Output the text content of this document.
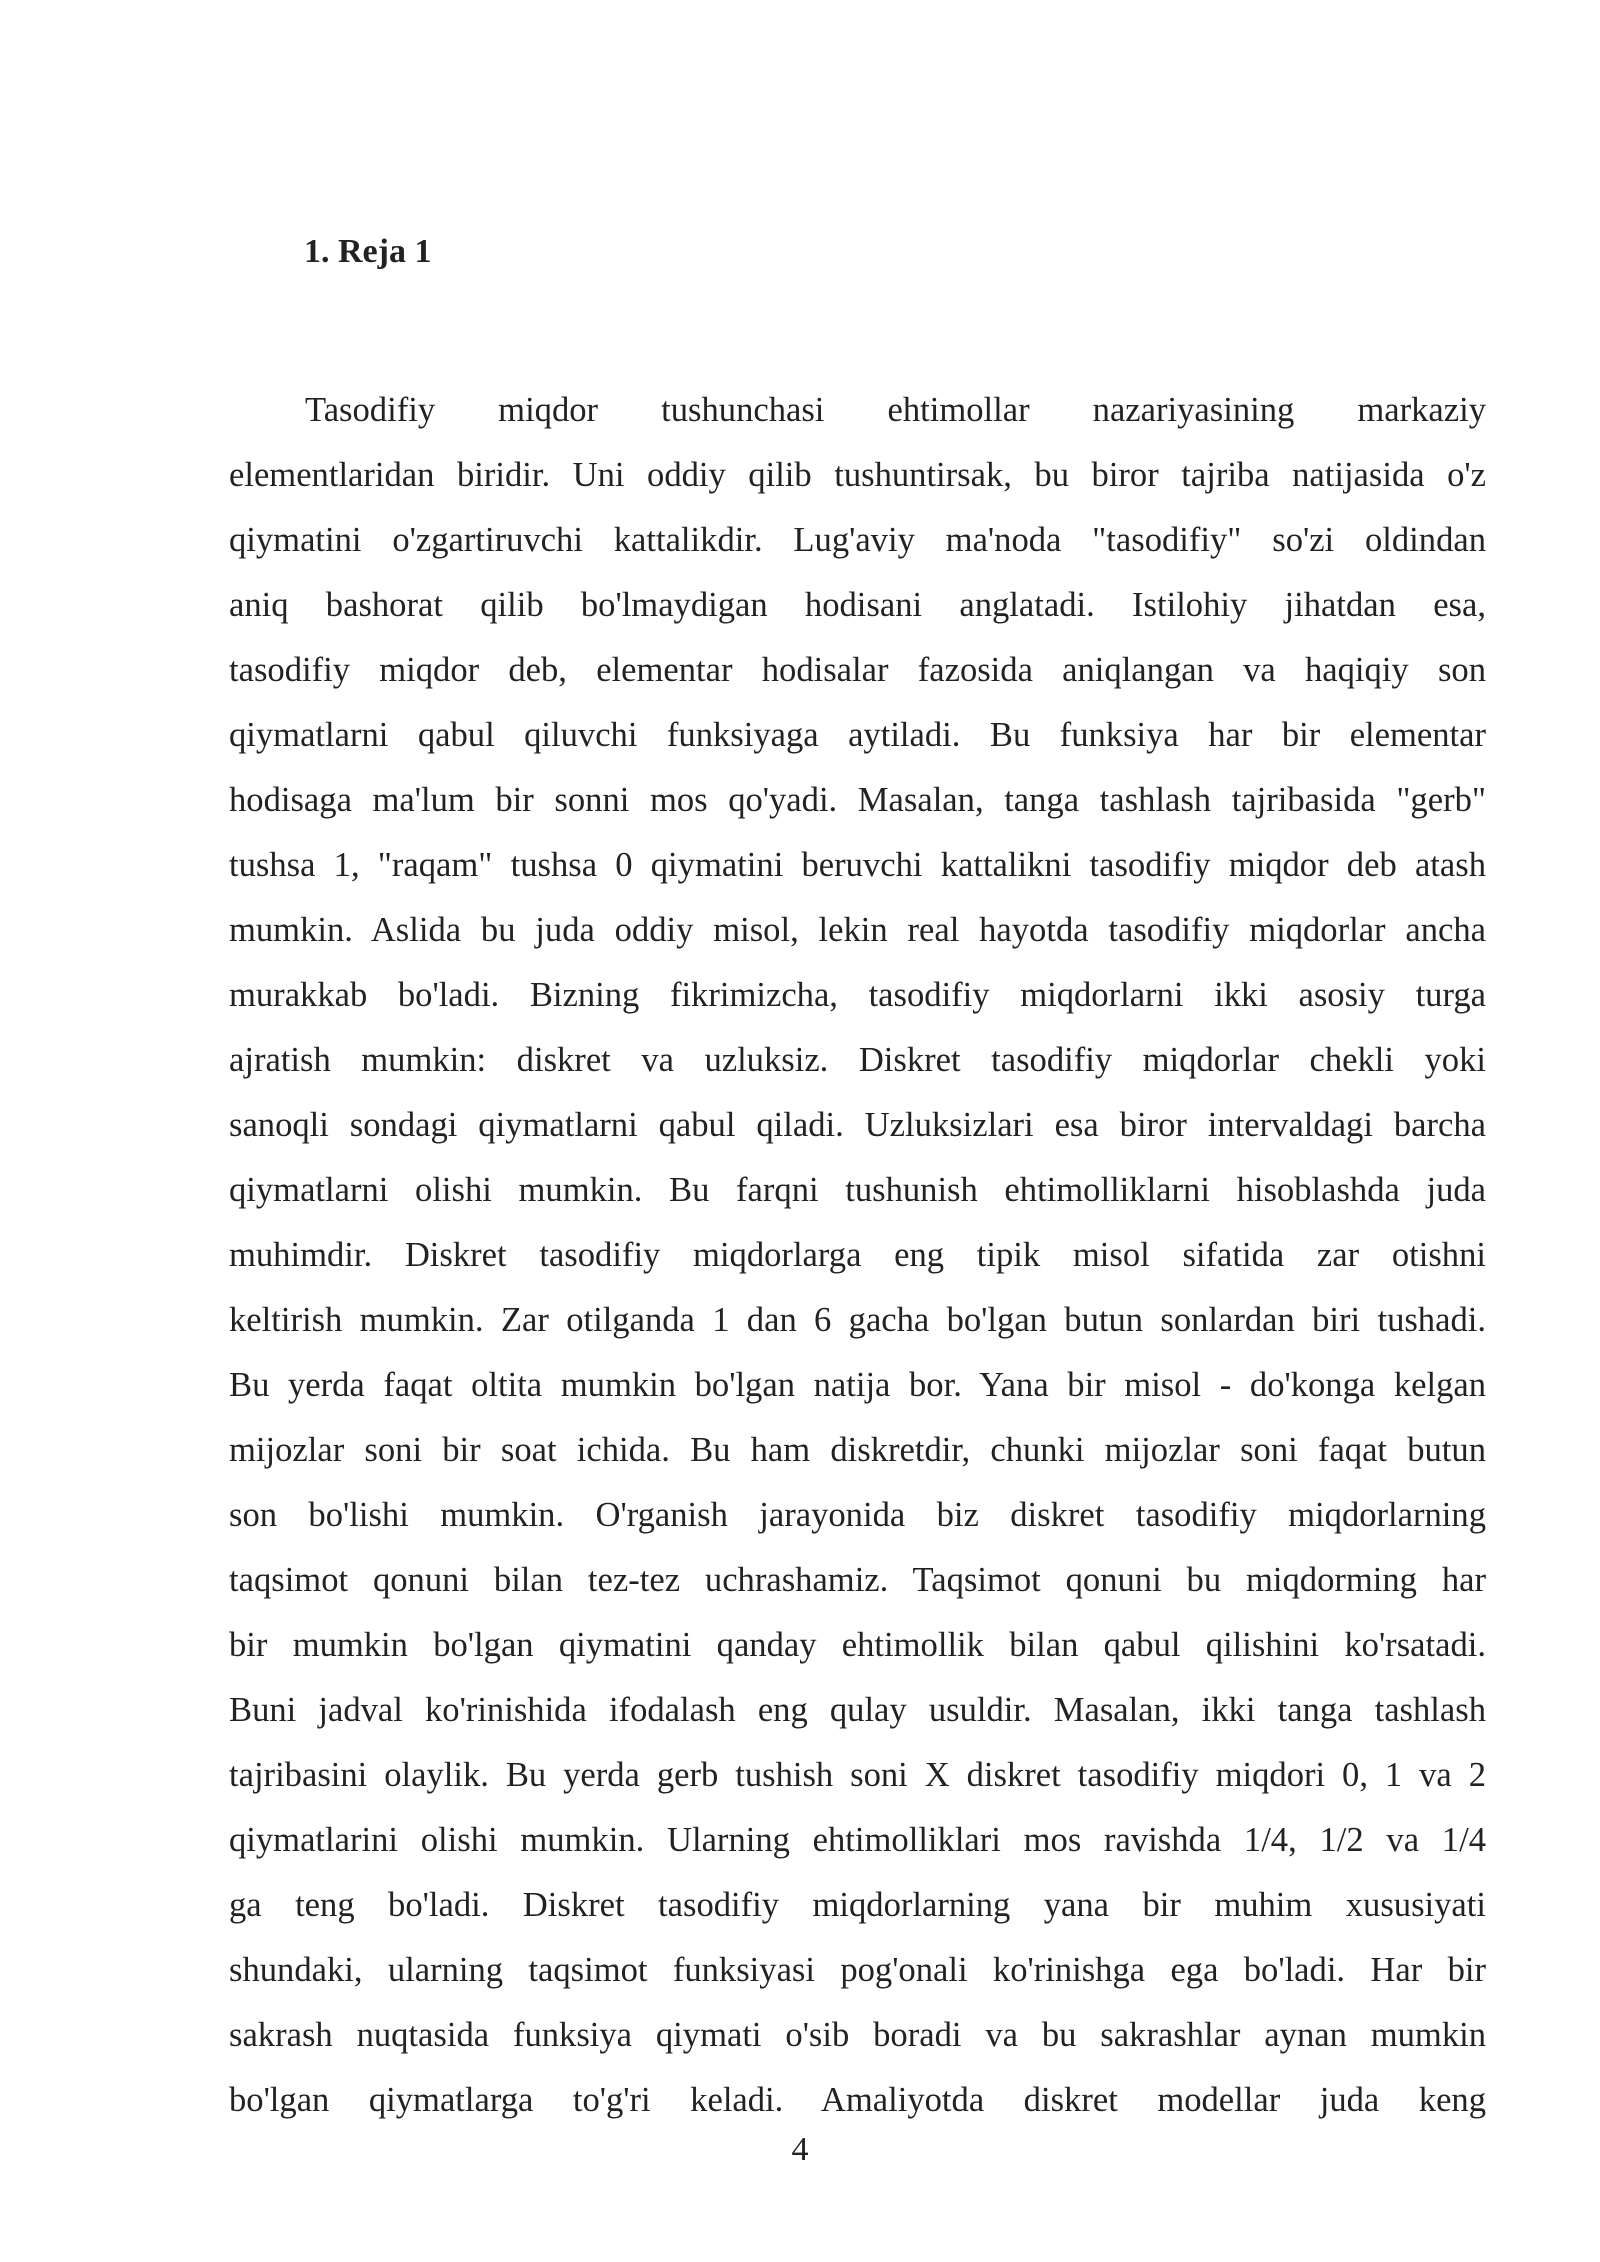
1. Reja 1

Tasodifiy miqdor tushunchasi ehtimollar nazariyasining markaziy
elementlaridan biridir. Uni oddiy qilib tushuntirsak, bu biror tajriba natijasida o'z
qiymatini o'zgartiruvchi kattalikdir. Lug'aviy ma'noda "tasodifiy" so'zi oldindan
aniq bashorat qilib bo'lmaydigan hodisani anglatadi. Istilohiy jihatdan esa,
tasodifiy miqdor deb, elementar hodisalar fazosida aniqlangan va haqiqiy son
qiymatlarni qabul qiluvchi funksiyaga aytiladi. Bu funksiya har bir elementar
hodisaga ma'lum bir sonni mos qo'yadi. Masalan, tanga tashlash tajribasida "gerb"
tushsa 1, "raqam" tushsa 0 qiymatini beruvchi kattalikni tasodifiy miqdor deb atash
mumkin. Aslida bu juda oddiy misol, lekin real hayotda tasodifiy miqdorlar ancha
murakkab bo'ladi. Bizning fikrimizcha, tasodifiy miqdorlarni ikki asosiy turga
ajratish mumkin: diskret va uzluksiz. Diskret tasodifiy miqdorlar chekli yoki
sanoqli sondagi qiymatlarni qabul qiladi. Uzluksizlari esa biror intervaldagi barcha
qiymatlarni olishi mumkin. Bu farqni tushunish ehtimolliklarni hisoblashda juda
muhimdir. Diskret tasodifiy miqdorlarga eng tipik misol sifatida zar otishni
keltirish mumkin. Zar otilganda 1 dan 6 gacha bo'lgan butun sonlardan biri tushadi.
Bu yerda faqat oltita mumkin bo'lgan natija bor. Yana bir misol - do'konga kelgan
mijozlar soni bir soat ichida. Bu ham diskretdir, chunki mijozlar soni faqat butun
son bo'lishi mumkin. O'rganish jarayonida biz diskret tasodifiy miqdorlarning
taqsimot qonuni bilan tez-tez uchrashamiz. Taqsimot qonuni bu miqdorming har
bir mumkin bo'lgan qiymatini qanday ehtimollik bilan qabul qilishini ko'rsatadi.
Buni jadval ko'rinishida ifodalash eng qulay usuldir. Masalan, ikki tanga tashlash
tajribasini olaylik. Bu yerda gerb tushish soni X diskret tasodifiy miqdori 0, 1 va 2
qiymatlarini olishi mumkin. Ularning ehtimolliklari mos ravishda 1/4, 1/2 va 1/4
ga teng bo'ladi. Diskret tasodifiy miqdorlarning yana bir muhim xususiyati
shundaki, ularning taqsimot funksiyasi pog'onali ko'rinishga ega bo'ladi. Har bir
sakrash nuqtasida funksiya qiymati o'sib boradi va bu sakrashlar aynan mumkin
bo'lgan qiymatlarga to'g'ri keladi. Amaliyotda diskret modellar juda keng

4
